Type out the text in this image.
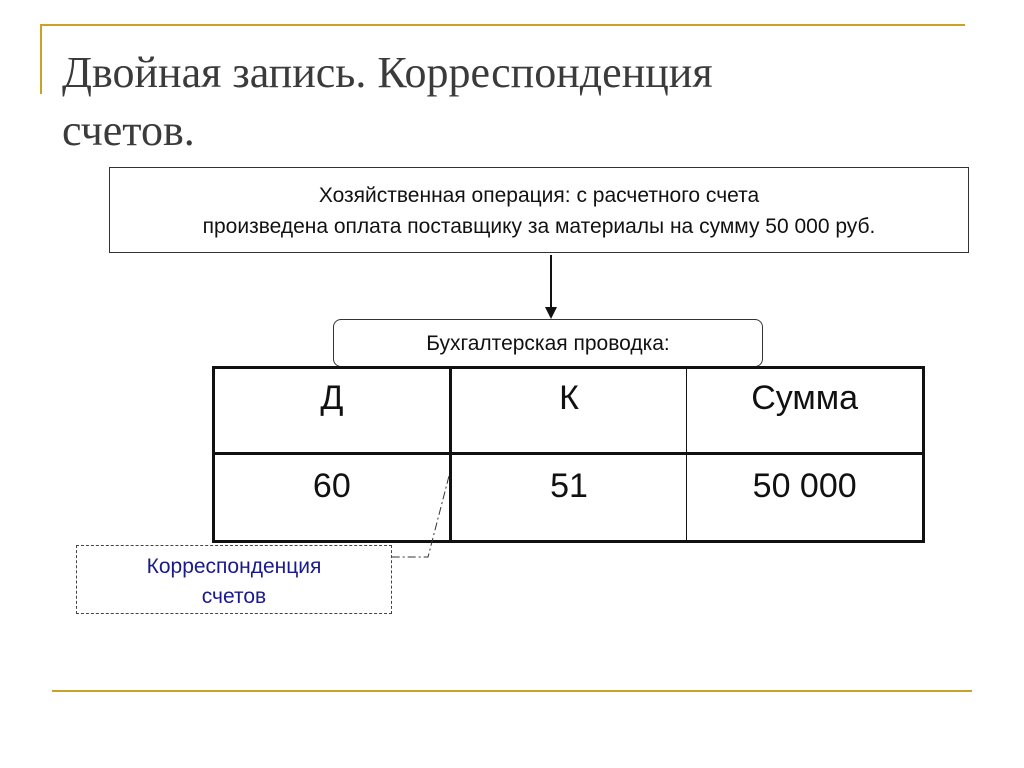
Двойная запись. Корреспонденция
счетов.
Хозяйственная операция: с расчетного счета
произведена оплата поставщику за материалы на сумму 50 000 руб.
Бухгалтерская проводка:
Д	К	Сумма
60	51	50 000
Корреспонденция
счетов
